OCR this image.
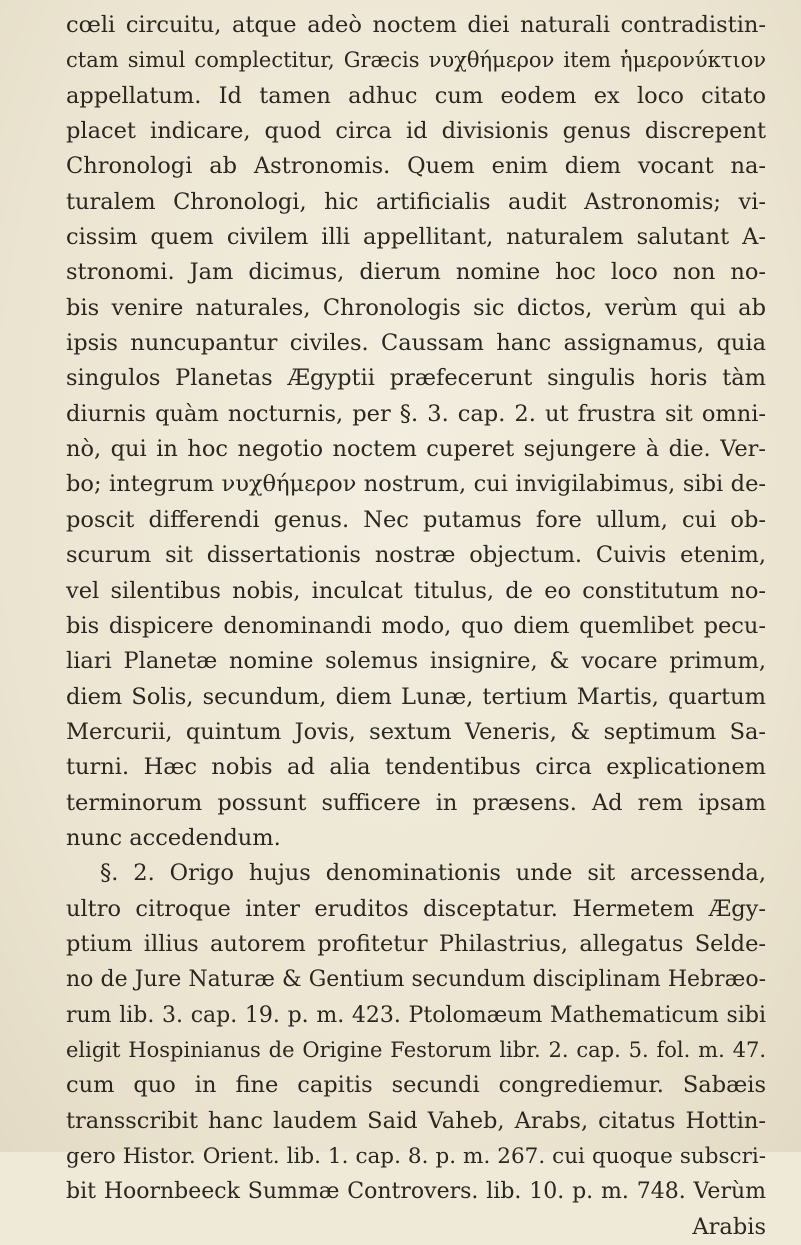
cœli circuitu, atque adeò noctem diei naturali contradistin-
ctam simul complectitur, Græcis νυχθήμερον item ἡμερονύκτιον
appellatum. Id tamen adhuc cum eodem ex loco citato
placet indicare, quod circa id divisionis genus discrepent
Chronologi ab Astronomis. Quem enim diem vocant na-
turalem Chronologi, hic artificialis audit Astronomis; vi-
cissim quem civilem illi appellitant, naturalem salutant A-
stronomi. Jam dicimus, dierum nomine hoc loco non no-
bis venire naturales, Chronologis sic dictos, verùm qui ab
ipsis nuncupantur civiles. Caussam hanc assignamus, quia
singulos Planetas Ægyptii præfecerunt singulis horis tàm
diurnis quàm nocturnis, per §. 3. cap. 2. ut frustra sit omni-
nò, qui in hoc negotio noctem cuperet sejungere à die. Ver-
bo; integrum νυχθήμερον nostrum, cui invigilabimus, sibi de-
poscit differendi genus. Nec putamus fore ullum, cui ob-
scurum sit dissertationis nostræ objectum. Cuivis etenim,
vel silentibus nobis, inculcat titulus, de eo constitutum no-
bis dispicere denominandi modo, quo diem quemlibet pecu-
liari Planetæ nomine solemus insignire, & vocare primum,
diem Solis, secundum, diem Lunæ, tertium Martis, quartum
Mercurii, quintum Jovis, sextum Veneris, & septimum Sa-
turni. Hæc nobis ad alia tendentibus circa explicationem
terminorum possunt sufficere in præsens. Ad rem ipsam
nunc accedendum.
§. 2. Origo hujus denominationis unde sit arcessenda,
ultro citroque inter eruditos disceptatur. Hermetem Ægy-
ptium illius autorem profitetur Philastrius, allegatus Selde-
no de Jure Naturæ & Gentium secundum disciplinam Hebræo-
rum lib. 3. cap. 19. p. m. 423. Ptolomæum Mathematicum sibi
eligit Hospinianus de Origine Festorum libr. 2. cap. 5. fol. m. 47.
cum quo in fine capitis secundi congrediemur. Sabæis
transscribit hanc laudem Said Vaheb, Arabs, citatus Hottin-
gero Histor. Orient. lib. 1. cap. 8. p. m. 267. cui quoque subscri-
bit Hoornbeeck Summæ Controvers. lib. 10. p. m. 748. Verùm
Arabis
